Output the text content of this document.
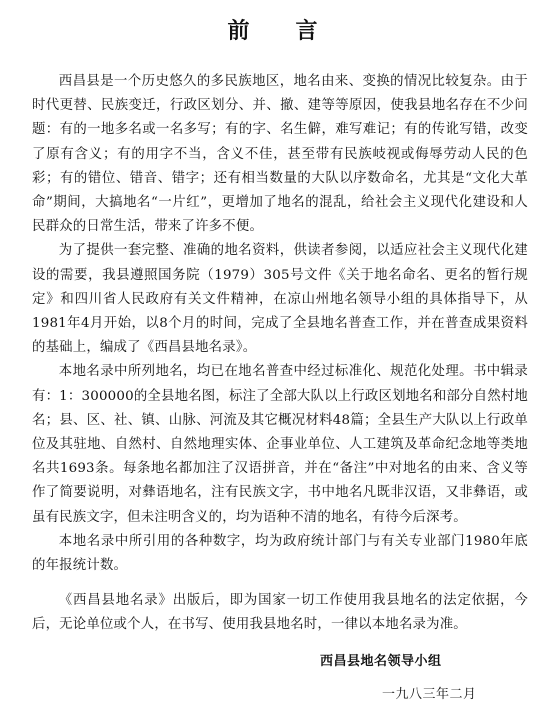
前言

西昌县是一个历史悠久的多民族地区，地名由来、变换的情况比较复杂。由于时代更替、民族变迁，行政区划分、并、撤、建等等原因，使我县地名存在不少问题：有的一地多名或一名多写；有的字、名生僻，难写难记；有的传讹写错，改变了原有含义；有的用字不当，含义不佳，甚至带有民族岐视或侮辱劳动人民的色彩；有的错位、错音、错字；还有相当数量的大队以序数命名，尤其是“文化大革命”期间，大搞地名“一片红”，更增加了地名的混乱，给社会主义现代化建设和人民群众的日常生活，带来了许多不便。

为了提供一套完整、准确的地名资料，供读者参阅，以适应社会主义现代化建设的需要，我县遵照国务院（1979）305号文件《关于地名命名、更名的暂行规定》和四川省人民政府有关文件精神，在凉山州地名领导小组的具体指导下，从1981年4月开始，以8个月的时间，完成了全县地名普查工作，并在普查成果资料的基础上，编成了《西昌县地名录》。

本地名录中所列地名，均已在地名普查中经过标准化、规范化处理。书中辑录有：1：300000的全县地名图，标注了全部大队以上行政区划地名和部分自然村地名；县、区、社、镇、山脉、河流及其它概况材料48篇；全县生产大队以上行政单位及其驻地、自然村、自然地理实体、企事业单位、人工建筑及革命纪念地等类地名共1693条。每条地名都加注了汉语拼音，并在“备注”中对地名的由来、含义等作了简要说明，对彝语地名，注有民族文字，书中地名凡既非汉语，又非彝语，或虽有民族文字，但未注明含义的，均为语种不清的地名，有待今后深考。

本地名录中所引用的各种数字，均为政府统计部门与有关专业部门1980年底的年报统计数。

《西昌县地名录》出版后，即为国家一切工作使用我县地名的法定依据，今后，无论单位或个人，在书写、使用我县地名时，一律以本地名录为准。

西昌县地名领导小组
一九八三年二月
